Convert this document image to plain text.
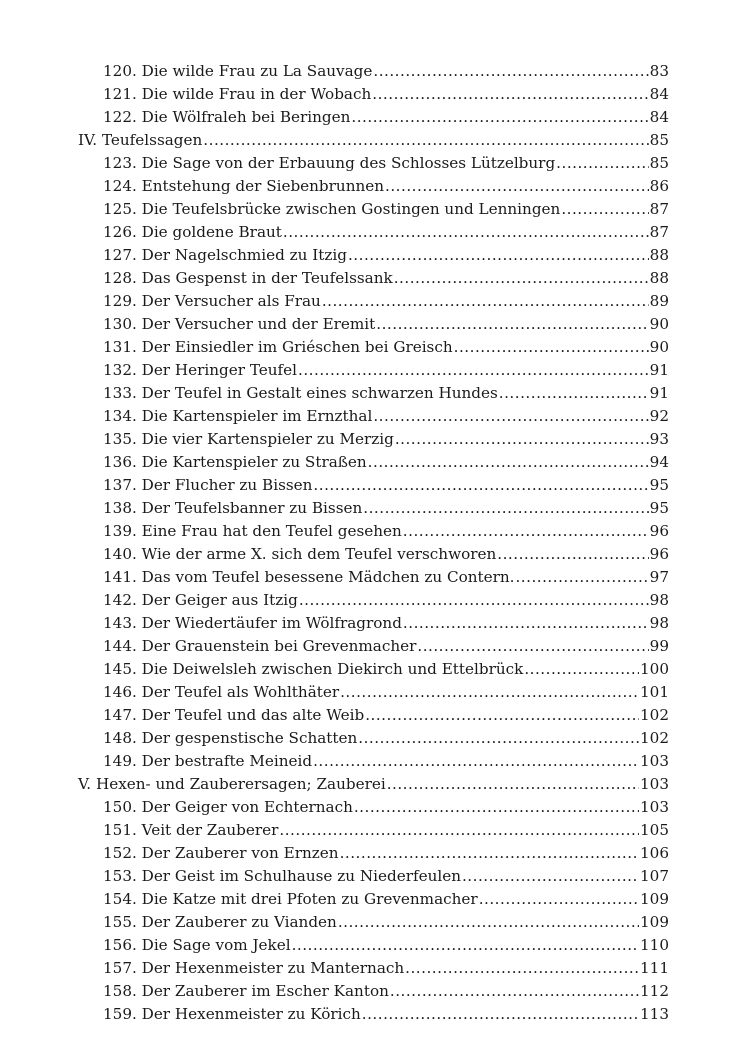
120. Die wilde Frau zu La Sauvage .....	83
121. Die wilde Frau in der Wobach .....	84
122. Die Wölfraleh bei Beringen .....	84
IV. Teufelssagen .....	85
123. Die Sage von der Erbauung des Schlosses Lützelburg .....	85
124. Entstehung der Siebenbrunnen .....	86
125. Die Teufelsbrücke zwischen Gostingen und Lenningen .....	87
126. Die goldene Braut .....	87
127. Der Nagelschmied zu Itzig .....	88
128. Das Gespenst in der Teufelssank .....	88
129. Der Versucher als Frau .....	89
130. Der Versucher und der Eremit .....	90
131. Der Einsiedler im Griéschen bei Greisch .....	90
132. Der Heringer Teufel .....	91
133. Der Teufel in Gestalt eines schwarzen Hundes .....	91
134. Die Kartenspieler im Ernzthal .....	92
135. Die vier Kartenspieler zu Merzig .....	93
136. Die Kartenspieler zu Straßen .....	94
137. Der Flucher zu Bissen .....	95
138. Der Teufelsbanner zu Bissen .....	95
139. Eine Frau hat den Teufel gesehen .....	96
140. Wie der arme X. sich dem Teufel verschworen .....	96
141. Das vom Teufel besessene Mädchen zu Contern. .....	97
142. Der Geiger aus Itzig .....	98
143. Der Wiedertäufer im Wölfragrond .....	98
144. Der Grauenstein bei Grevenmacher .....	99
145. Die Deiwelsleh zwischen Diekirch und Ettelbrück .....	100
146. Der Teufel als Wohlthäter .....	101
147. Der Teufel und das alte Weib .....	102
148. Der gespenstische Schatten .....	102
149. Der bestrafte Meineid .....	103
V. Hexen- und Zauberersagen; Zauberei .....	103
150. Der Geiger von Echternach .....	103
151. Veit der Zauberer .....	105
152. Der Zauberer von Ernzen .....	106
153. Der Geist im Schulhause zu Niederfeulen .....	107
154. Die Katze mit drei Pfoten zu Grevenmacher .....	109
155. Der Zauberer zu Vianden .....	109
156. Die Sage vom Jekel .....	110
157. Der Hexenmeister zu Manternach .....	111
158. Der Zauberer im Escher Kanton .....	112
159. Der Hexenmeister zu Körich .....	113
